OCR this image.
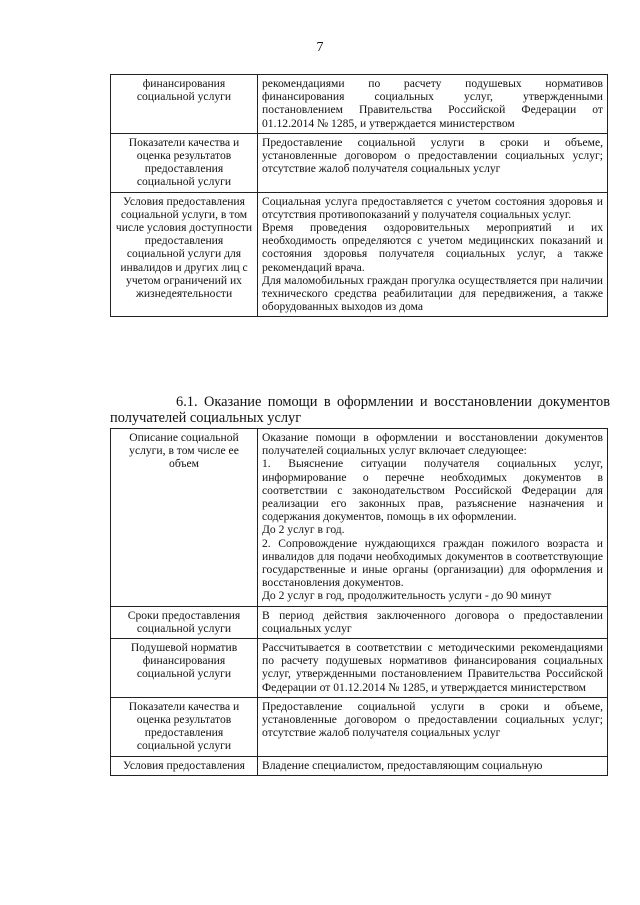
7
финансирования социальной услуги	рекомендациями по расчету подушевых нормативов финансирования социальных услуг, утвержденными постановлением Правительства Российской Федерации от 01.12.2014 № 1285, и утверждается министерством

Показатели качества и оценка результатов предоставления социальной услуги	Предоставление социальной услуги в сроки и объеме, установленные договором о предоставлении социальных услуг; отсутствие жалоб получателя социальных услуг

Условия предоставления социальной услуги, в том числе условия доступности предоставления социальной услуги для инвалидов и других лиц с учетом ограничений их жизнедеятельности	Социальная услуга предоставляется с учетом состояния здоровья и отсутствия противопоказаний у получателя социальных услуг.

Время проведения оздоровительных мероприятий и их необходимость определяются с учетом медицинских показаний и состояния здоровья получателя социальных услуг, а также рекомендаций врача.

Для маломобильных граждан прогулка осуществляется при наличии технического средства реабилитации для передвижения, а также оборудованных выходов из дома

6.1. Оказание помощи в оформлении и восстановлении документов
получателей социальных услуг
Описание социальной услуги, в том числе ее объем	Оказание помощи в оформлении и восстановлении документов получателей социальных услуг включает следующее:

1. Выяснение ситуации получателя социальных услуг, информирование о перечне необходимых документов в соответствии с законодательством Российской Федерации для реализации его законных прав, разъяснение назначения и содержания документов, помощь в их оформлении.

До 2 услуг в год.

2. Сопровождение нуждающихся граждан пожилого возраста и инвалидов для подачи необходимых документов в соответствующие государственные и иные органы (организации) для оформления и восстановления документов.

До 2 услуг в год, продолжительность услуги - до 90 минут

Сроки предоставления социальной услуги	В период действия заключенного договора о предоставлении социальных услуг

Подушевой норматив финансирования социальной услуги	Рассчитывается в соответствии с методическими рекомендациями по расчету подушевых нормативов финансирования социальных услуг, утвержденными постановлением Правительства Российской Федерации от 01.12.2014 № 1285, и утверждается министерством

Показатели качества и оценка результатов предоставления социальной услуги	Предоставление социальной услуги в сроки и объеме, установленные договором о предоставлении социальных услуг; отсутствие жалоб получателя социальных услуг

Условия предоставления	Владение специалистом, предоставляющим социальную
